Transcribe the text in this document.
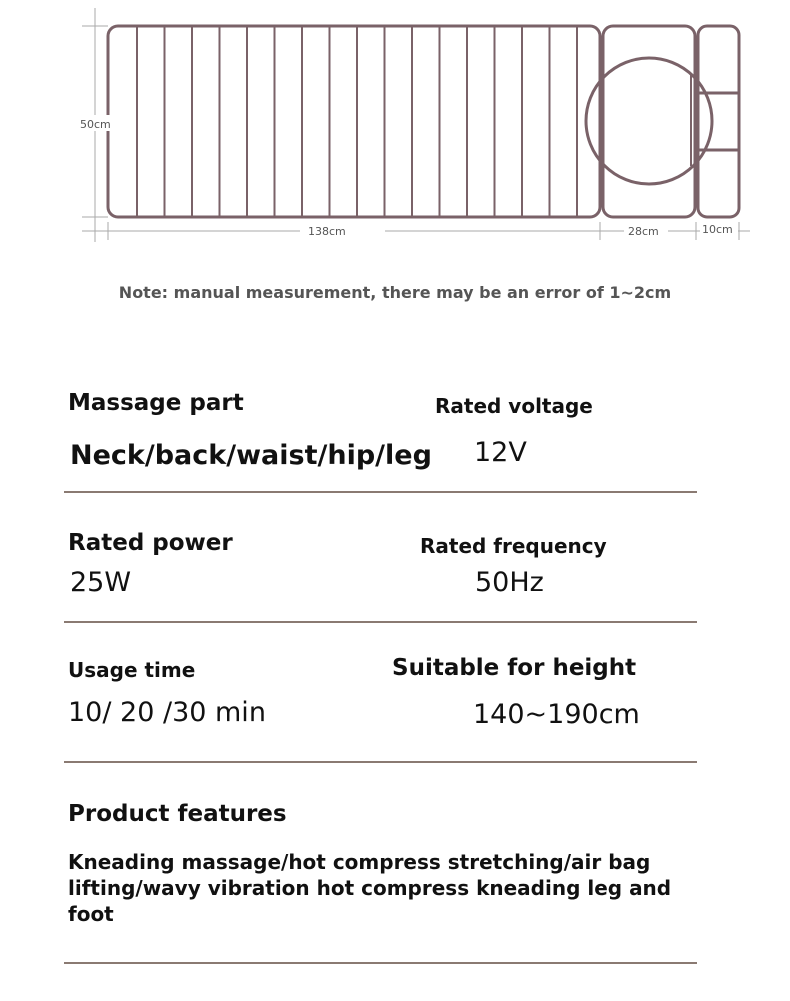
50cm
138cm	28cm	10cm
Note: manual measurement, there may be an error of 1~2cm
Massage part	Rated voltage
Neck/back/waist/hip/leg 12V
Rated power	Rated frequency
25W	50Hz
Usage time	Suitable for height
10/ 20 /30 min	140~190cm
Product features
Kneading massage/hot compress stretching/air bag lifting/wavy vibration hot compress kneading leg and foot
